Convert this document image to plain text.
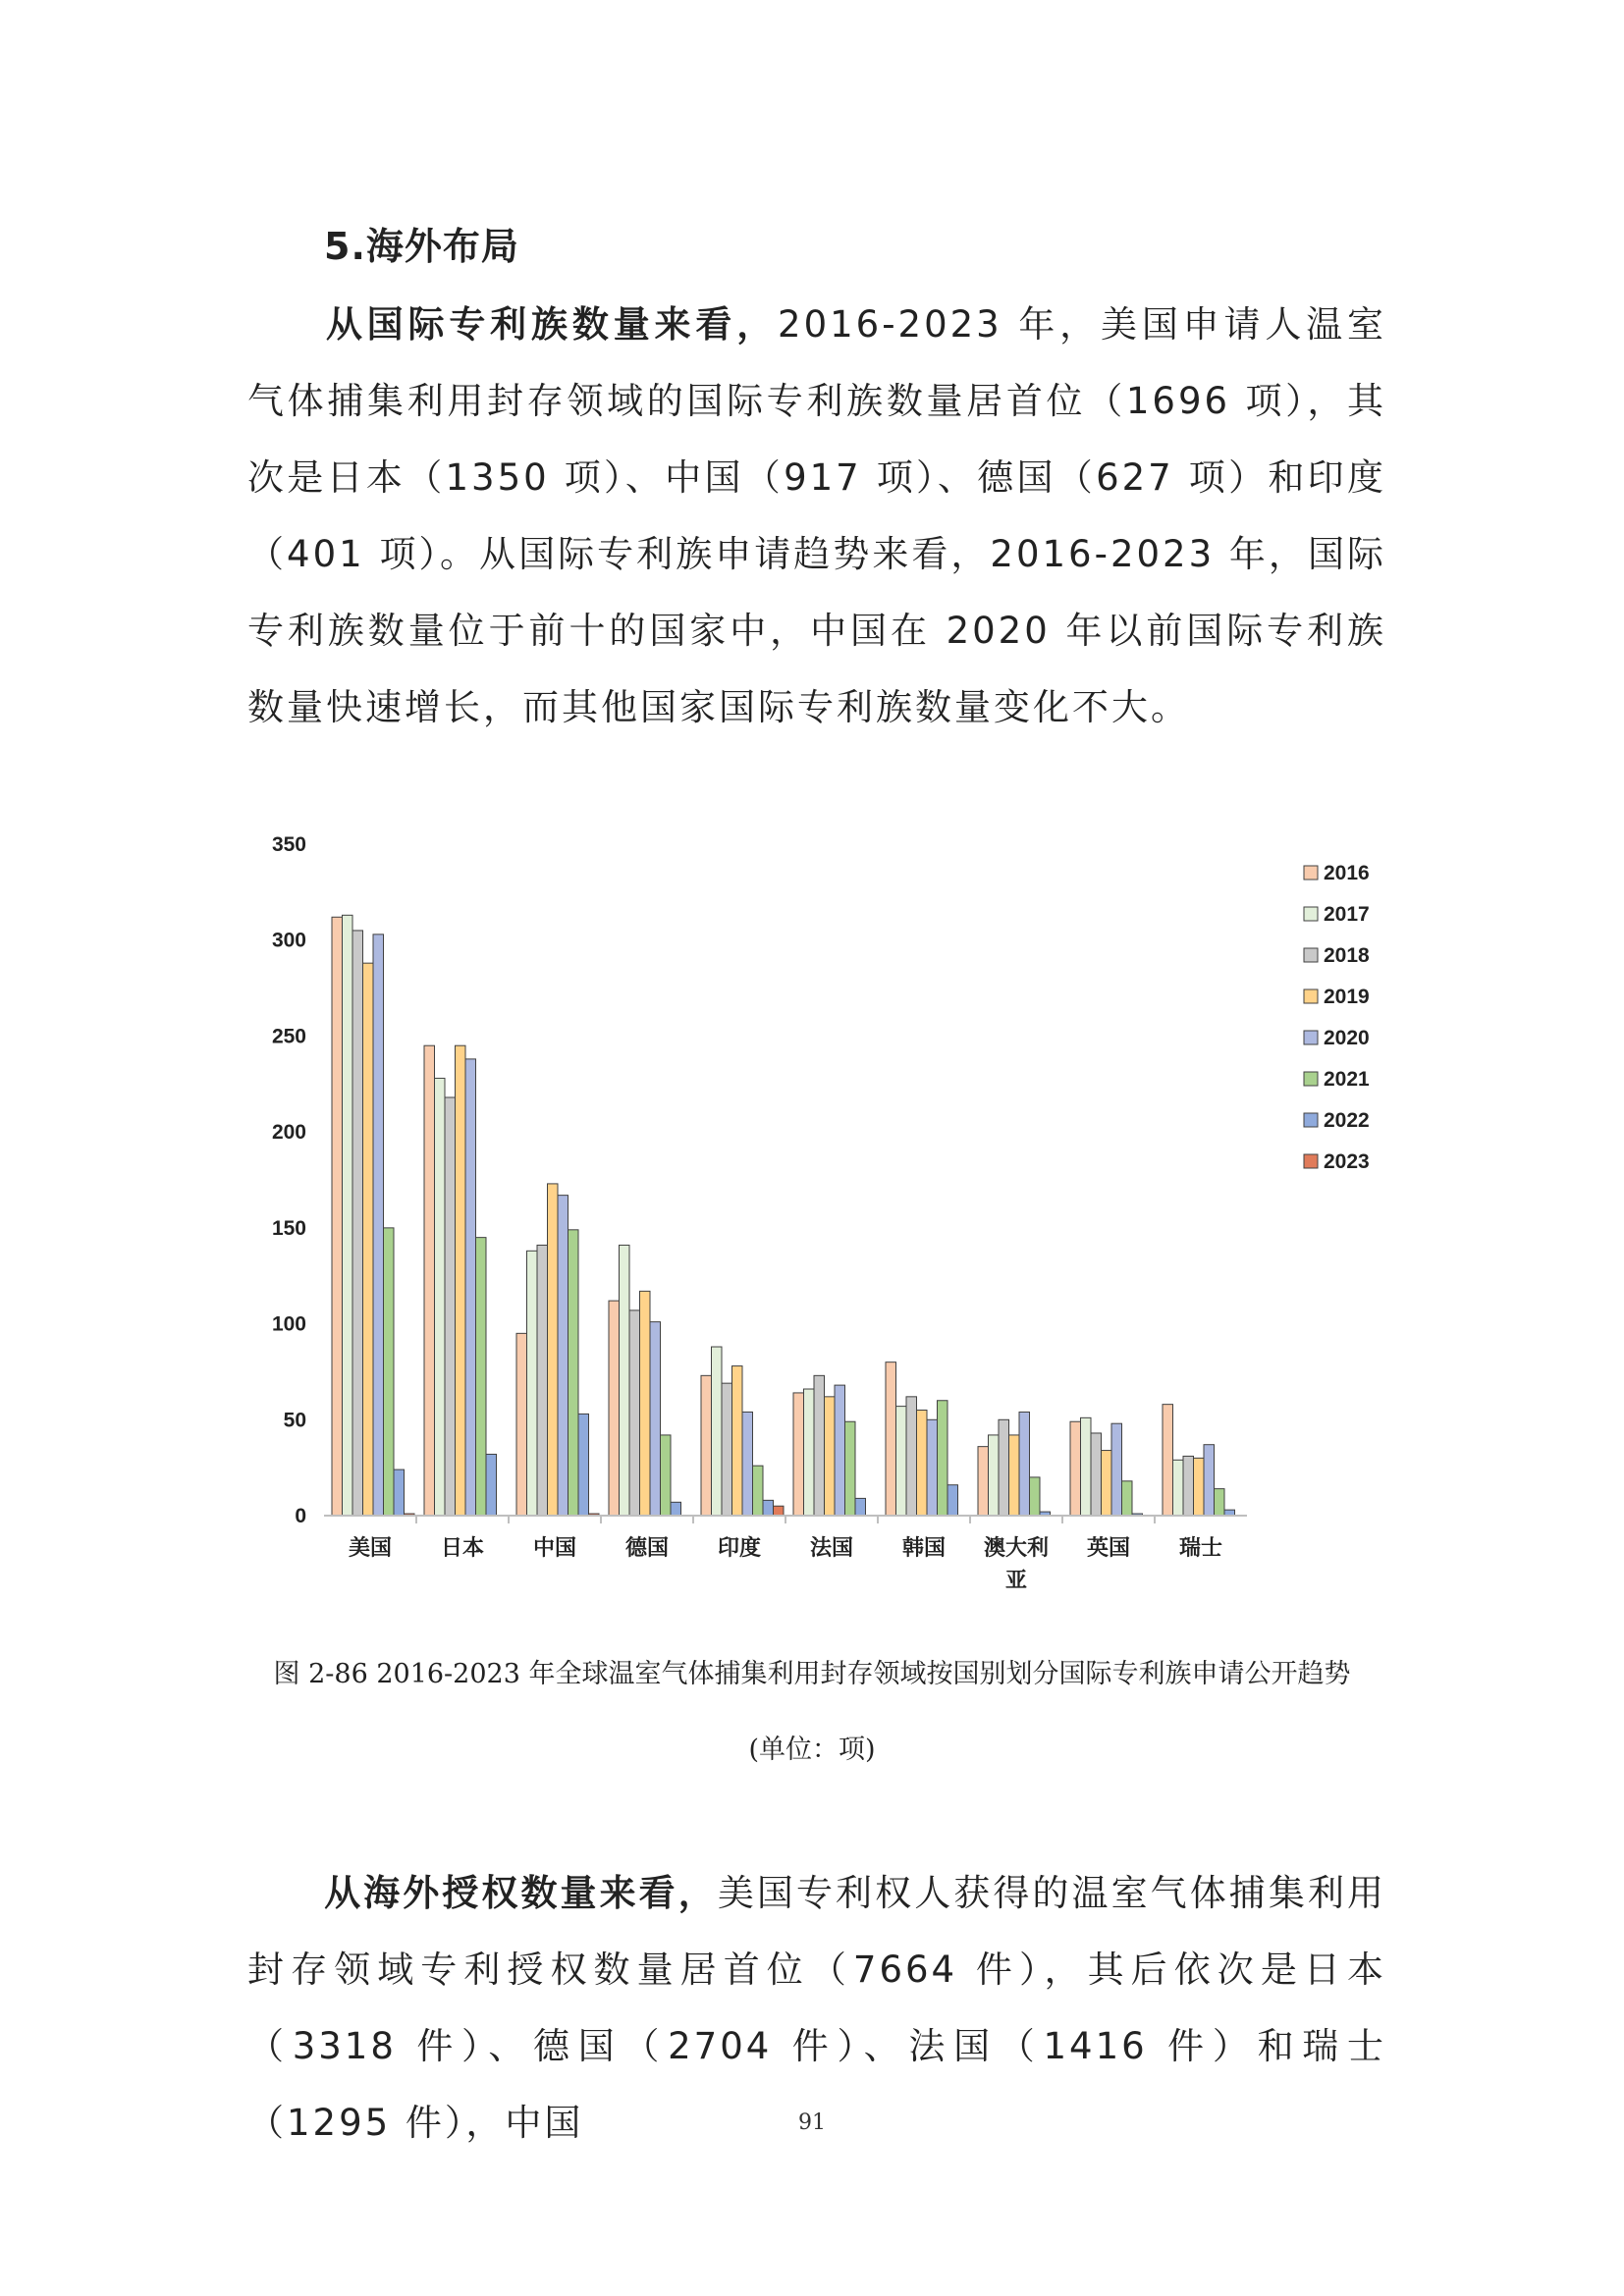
5.海外布局
从国际专利族数量来看，2016-2023 年，美国申请人温室气体捕集利用封存领域的国际专利族数量居首位（1696 项），其次是日本（1350 项）、中国（917 项）、德国（627 项）和印度（401 项）。从国际专利族申请趋势来看，2016-2023 年，国际专利族数量位于前十的国家中，中国在 2020 年以前国际专利族数量快速增长，而其他国家国际专利族数量变化不大。
0
50
100
150
200
250
300
350
美国 日本 中国 德国 印度 法国 韩国 澳大利亚
英国 瑞士
2016
2017
2018
2019
2020
2021
2022
2023
图 2-86 2016-2023 年全球温室气体捕集利用封存领域按国别划分国际专利族申请公开趋势
(单位：项)
从海外授权数量来看，美国专利权人获得的温室气体捕集利用封存领域专利授权数量居首位（7664 件），其后依次是日本（3318 件）、德国（2704 件）、法国（1416 件）和瑞士（1295 件），中国	91
